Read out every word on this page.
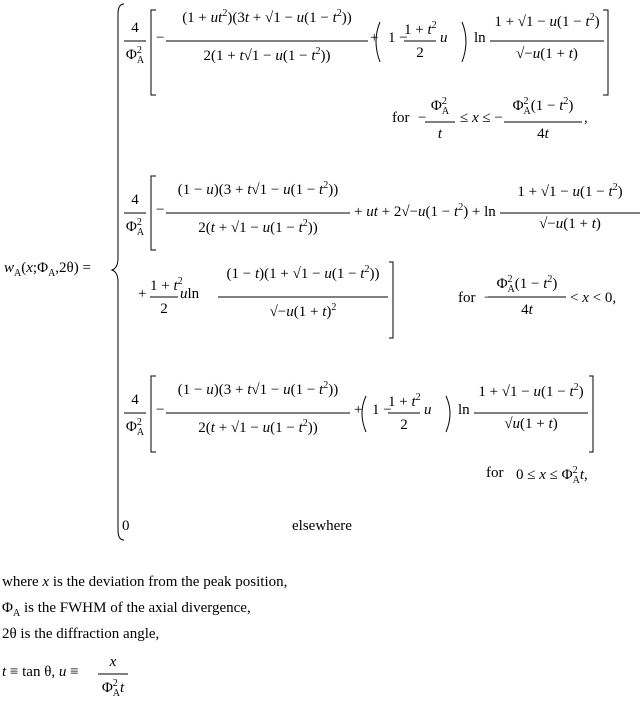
$w_A(x;\Phi_A,2\theta)$ =
4
$\Phi^2_A$
−
$(1 + ut^2)(3t + √1 - u(1 - t^2))$
$2(1 + t√1 - u(1 - t^2))$
+ 1 −
$1 + t^2$
2
u ln
$1 + √1 - u(1 - t^2)$
√−u(1 + t)
for −
$\Phi^2_A$
t
≤ x ≤ −
$\Phi^2_A(1 - t^2)$
4t
,
4
$\Phi^2_A$
−
$(1 - u)(3 + t√1 - u(1 - t^2))$
$2(t + √1 - u(1 - t^2))$
+ ut + $2√-u(1 - t^2) + \ln$
$1 + √1 - u(1 - t^2)$
√−u(1 + t)
+ $1 + t^2$
2
uln
$(1 - t)(1 + √1 - u(1 - t^2))$
$√-u(1 + t)^2$
for −
$\Phi^2_A(1 - t^2)$
4t
< x < 0,
4
$\Phi^2_A$
−
$(1 - u)(3 + t√1 - u(1 - t^2))$
$2(t + √1 - u(1 - t^2))$
+ 1 −
$1 + t^2$
2
u ln
$1 + √1 - u(1 - t^2)$
√u(1 + t)
for $0 \le x \le \Phi^2_At$,
0	elsewhere
where x is the deviation from the peak position,
$\Phi_A$ is the FWHM of the axial divergence,
2θ is the diffraction angle,
t ≡ tan θ, u ≡
x
$\Phi^2_At$
